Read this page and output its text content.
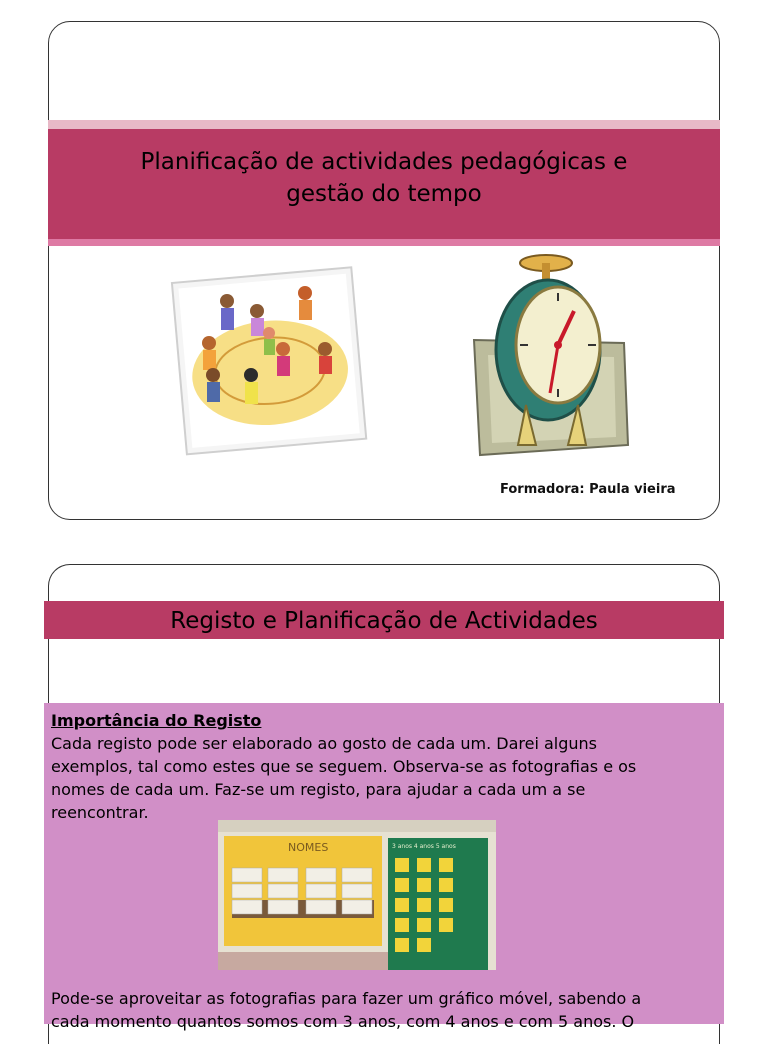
Planificação de actividades pedagógicas e
gestão do tempo
Formadora: Paula vieira
Registo e Planificação de Actividades
Importância do Registo
Cada registo pode ser elaborado ao gosto de cada um. Darei alguns
exemplos, tal como estes que se seguem. Observa-se as fotografias e os
nomes de cada um. Faz-se um registo, para ajudar a cada um a se
reencontrar.
NOMES	3 anos 4 anos 5 anos
Pode-se aproveitar as fotografias para fazer um gráfico móvel, sabendo a
cada momento quantos somos com 3 anos, com 4 anos e com 5 anos. O
